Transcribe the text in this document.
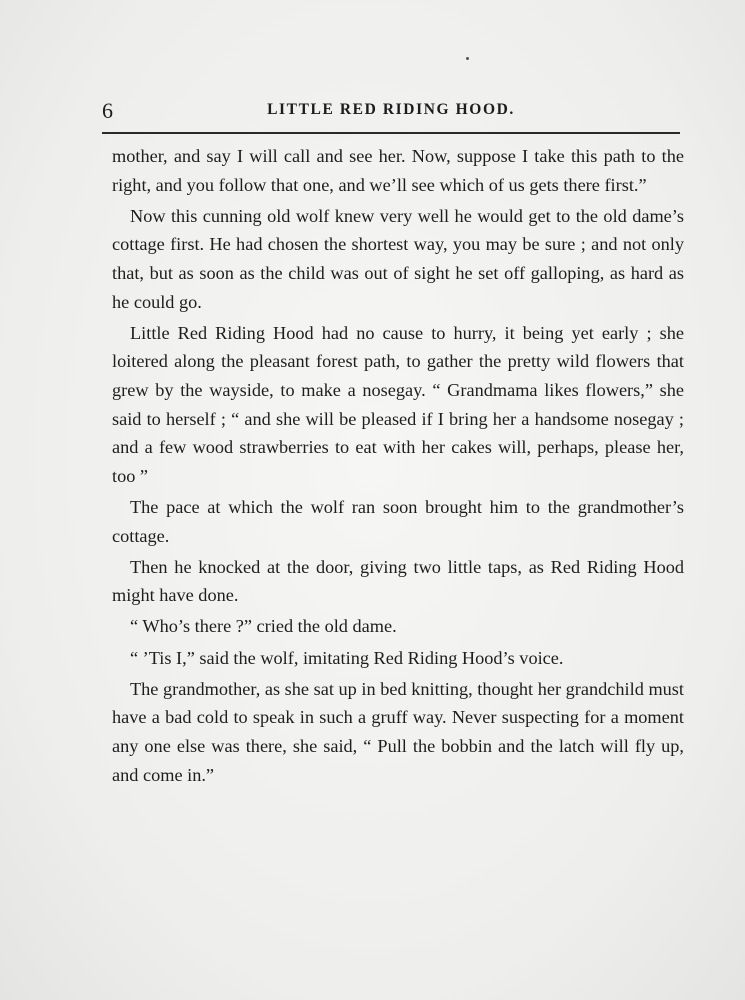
6	LITTLE RED RIDING HOOD.

mother, and say I will call and see her. Now, suppose I take this path to the right, and you follow that one, and we’ll see which of us gets there first.”

Now this cunning old wolf knew very well he would get to the old dame’s cottage first. He had chosen the shortest way, you may be sure ; and not only that, but as soon as the child was out of sight he set off galloping, as hard as he could go.

Little Red Riding Hood had no cause to hurry, it being yet early ; she loitered along the pleasant forest path, to gather the pretty wild flowers that grew by the wayside, to make a nosegay. “ Grandmama likes flowers,” she said to herself ; “ and she will be pleased if I bring her a handsome nosegay ; and a few wood strawberries to eat with her cakes will, perhaps, please her, too ”

The pace at which the wolf ran soon brought him to the grandmother’s cottage.

Then he knocked at the door, giving two little taps, as Red Riding Hood might have done.

“ Who’s there ?” cried the old dame.

“ ’Tis I,” said the wolf, imitating Red Riding Hood’s voice.

The grandmother, as she sat up in bed knitting, thought her grandchild must have a bad cold to speak in such a gruff way. Never suspecting for a moment any one else was there, she said, “ Pull the bobbin and the latch will fly up, and come in.”
